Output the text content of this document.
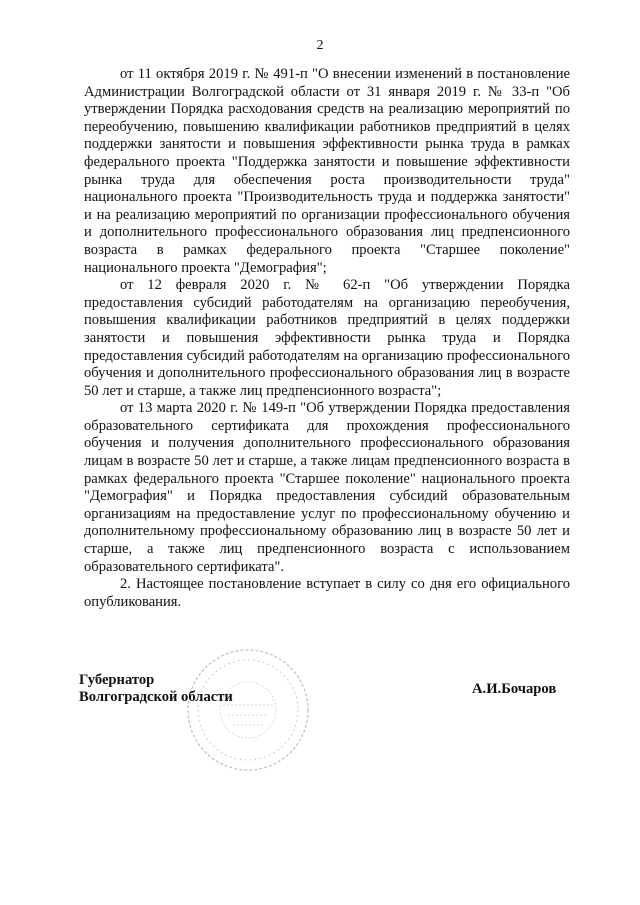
2

от 11 октября 2019 г. № 491-п "О внесении изменений в постановление Администрации Волгоградской области от 31 января 2019 г. № 33-п "Об утверждении Порядка расходования средств на реализацию мероприятий по переобучению, повышению квалификации работников предприятий в целях поддержки занятости и повышения эффективности рынка труда в рамках федерального проекта "Поддержка занятости и повышение эффективности рынка труда для обеспечения роста производительности труда" национального проекта "Производительность труда и поддержка занятости" и на реализацию мероприятий по организации профессионального обучения и дополнительного профессионального образования лиц предпенсионного возраста в рамках федерального проекта "Старшее поколение" национального проекта "Демография";

от 12 февраля 2020 г. № 62-п "Об утверждении Порядка предоставления субсидий работодателям на организацию переобучения, повышения квалификации работников предприятий в целях поддержки занятости и повышения эффективности рынка труда и Порядка предоставления субсидий работодателям на организацию профессионального обучения и дополнительного профессионального образования лиц в возрасте 50 лет и старше, а также лиц предпенсионного возраста";

от 13 марта 2020 г. № 149-п "Об утверждении Порядка предоставления образовательного сертификата для прохождения профессионального обучения и получения дополнительного профессионального образования лицам в возрасте 50 лет и старше, а также лицам предпенсионного возраста в рамках федерального проекта "Старшее поколение" национального проекта "Демография" и Порядка предоставления субсидий образовательным организациям на предоставление услуг по профессиональному обучению и дополнительному профессиональному образованию лиц в возрасте 50 лет и старше, а также лиц предпенсионного возраста с использованием образовательного сертификата".

2. Настоящее постановление вступает в силу со дня его официального опубликования.

Губернатор
Волгоградской области	А.И.Бочаров
